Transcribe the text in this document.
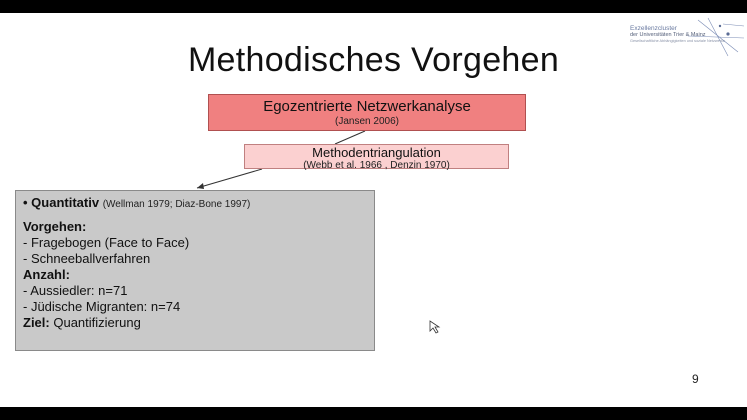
Exzellenzcluster
der Universitäten Trier & Mainz
Gesellschaftliche Abhängigkeiten und soziale Netzwerke
Methodisches Vorgehen
Egozentrierte Netzwerkanalyse
(Jansen 2006)
Methodentriangulation
(Webb et al. 1966 , Denzin 1970)
• Quantitativ (Wellman 1979; Diaz-Bone 1997)
Vorgehen:
- Fragebogen (Face to Face)
- Schneeballverfahren
Anzahl:
- Aussiedler: n=71
- Jüdische Migranten: n=74
Ziel: Quantifizierung
9
